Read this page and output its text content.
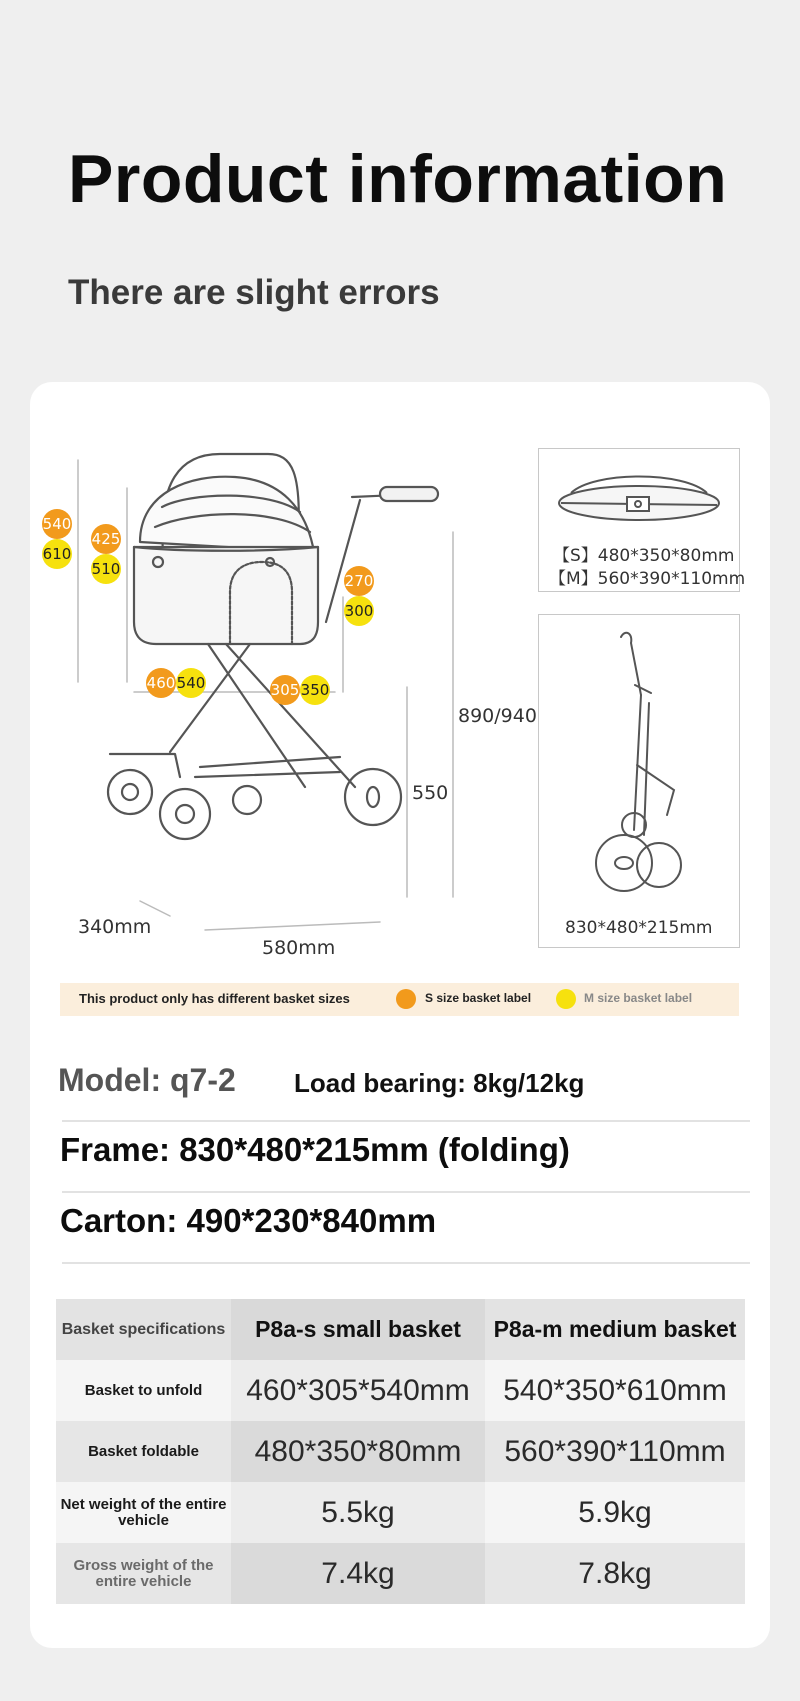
Product information
There are slight errors
540
425
270
460	305
610
510
300
540	350
890/940
550
340mm
580mm
【S】480*350*80mm
【M】560*390*110mm
830*480*215mm
This product only has different basket sizes	S size basket label	M size basket label
Model: q7-2 Load bearing: 8kg/12kg
Frame: 830*480*215mm (folding)
Carton: 490*230*840mm
Basket specifications	P8a-s small basket	P8a-m medium basket
Basket to unfold	460*305*540mm	540*350*610mm
Basket foldable	480*350*80mm	560*390*110mm
Net weight of the entire vehicle	5.5kg	5.9kg
Gross weight of the entire vehicle	7.4kg	7.8kg
